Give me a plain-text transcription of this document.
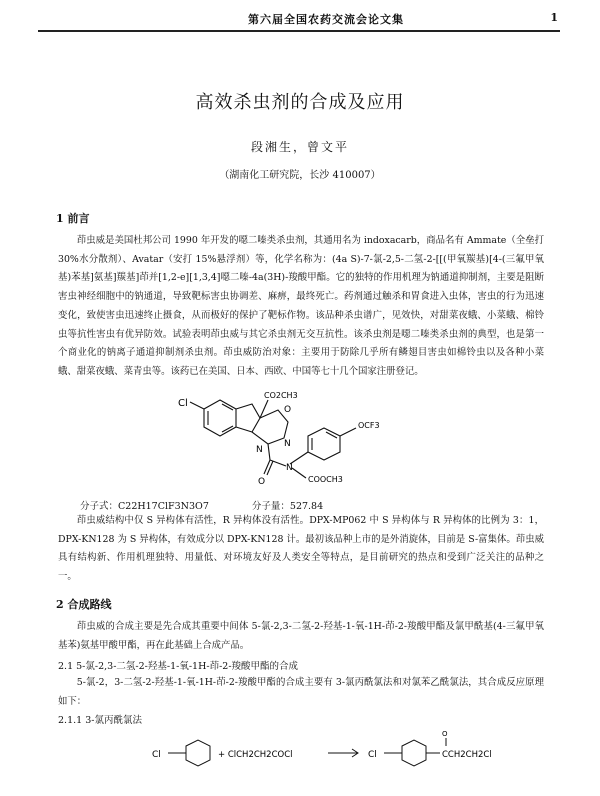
第六届全国农药交流会论文集	1
高效杀虫剂的合成及应用
段湘生，曾文平
（湖南化工研究院，长沙 410007）
1 前言

茚虫威是美国杜邦公司 1990 年开发的噁二嗪类杀虫剂，其通用名为 indoxacarb，商品名有 Ammate（全垒打 30%水分散剂）、Avatar（安打 15%悬浮剂）等，化学名称为：(4a S)-7-氯-2,5-二氢-2-[[(甲氧羰基)[4-(三氟甲氧基)苯基]氨基]羰基]茚并[1,2-e][1,3,4]噁二嗪-4a(3H)-羧酸甲酯。它的独特的作用机理为钠通道抑制剂，主要是阻断害虫神经细胞中的钠通道，导致靶标害虫协调差、麻痹，最终死亡。药剂通过触杀和胃食进入虫体，害虫的行为迅速变化，致使害虫迅速终止摄食，从而极好的保护了靶标作物。该品种杀虫谱广，见效快，对甜菜夜蛾、小菜蛾、棉铃虫等抗性害虫有优异防效。试验表明茚虫威与其它杀虫剂无交互抗性。该杀虫剂是噁二嗪类杀虫剂的典型，也是第一个商业化的钠离子通道抑制剂杀虫剂。茚虫威防治对象：主要用于防除几乎所有鳞翅目害虫如棉铃虫以及各种小菜蛾、甜菜夜蛾、菜青虫等。该药已在美国、日本、西欧、中国等七十几个国家注册登记。

Cl
CO2CH3
O
N
N
OCF3
O
N
COOCH3
分子式：C22H17ClF3N3O7	分子量：527.84

茚虫威结构中仅 S 异构体有活性，R 异构体没有活性。DPX-MP062 中 S 异构体与 R 异构体的比例为 3：1，DPX-KN128 为 S 异构体，有效成分以 DPX-KN128 计。最初该品种上市的是外消旋体，目前是 S-富集体。茚虫威具有结构新、作用机理独特、用量低、对环境友好及人类安全等特点，是目前研究的热点和受到广泛关注的品种之一。

2 合成路线

茚虫威的合成主要是先合成其重要中间体 5-氯-2,3-二氢-2-羟基-1-氧-1H-茚-2-羧酸甲酯及氯甲酰基(4-三氟甲氧基苯)氨基甲酸甲酯，再在此基础上合成产品。

2.1 5-氯-2,3-二氢-2-羟基-1-氧-1H-茚-2-羧酸甲酯的合成

5-氯-2，3-二氢-2-羟基-1-氧-1H-茚-2-羧酸甲酯的合成主要有 3-氯丙酰氯法和对氯苯乙酰氯法，其合成反应原理如下：

2.1.1 3-氯丙酰氯法
Cl	+ ClCH2CH2COCl	Cl
O
CCH2CH2Cl
